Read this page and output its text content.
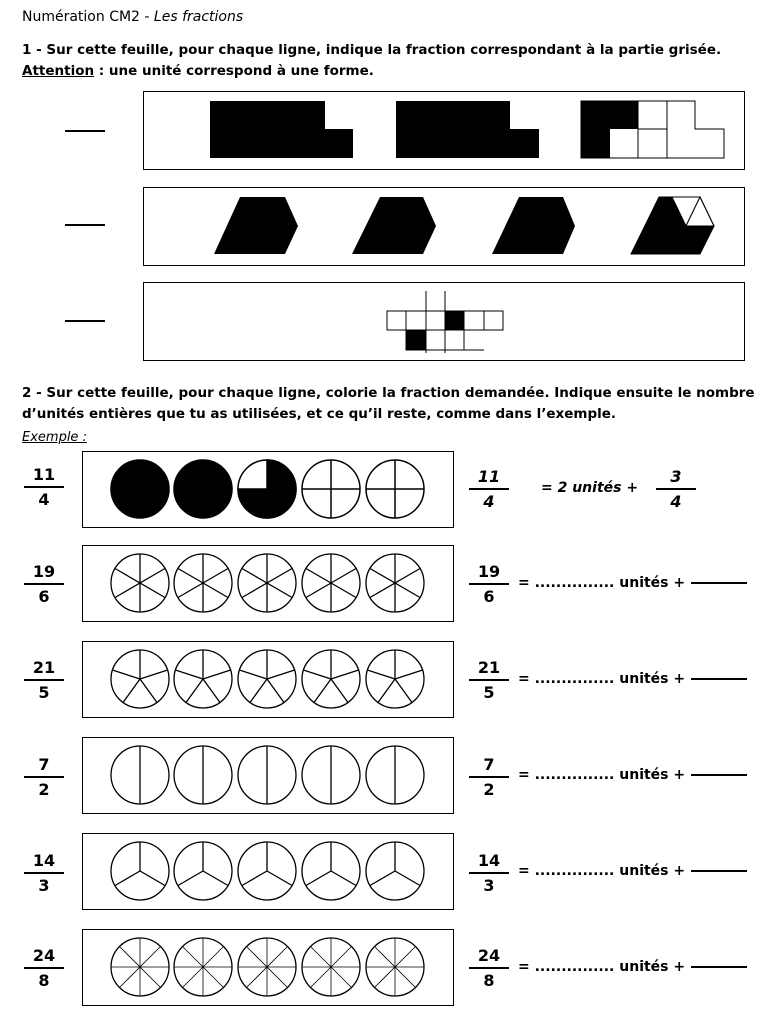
Numération CM2 - Les fractions
1 - Sur cette feuille, pour chaque ligne, indique la fraction correspondant à la partie grisée. Attention : une unité correspond à une forme.
2 - Sur cette feuille, pour chaque ligne, colorie la fraction demandée. Indique ensuite le nombre d’unités entières que tu as utilisées, et ce qu’il reste, comme dans l’exemple.
Exemple :
$\frac{11}{4}$	$\frac{11}{4} = 2$ unités + $\frac{3}{4}$
$\frac{19}{6}$	$\frac{19}{6}$ = ............... unités +
$\frac{21}{5}$	$\frac{21}{5}$ = ............... unités +
$\frac{7}{2}$	$\frac{7}{2}$ = ............... unités +
$\frac{14}{3}$	$\frac{14}{3}$ = ............... unités +
$\frac{24}{8}$	$\frac{24}{8}$ = ............... unités +
